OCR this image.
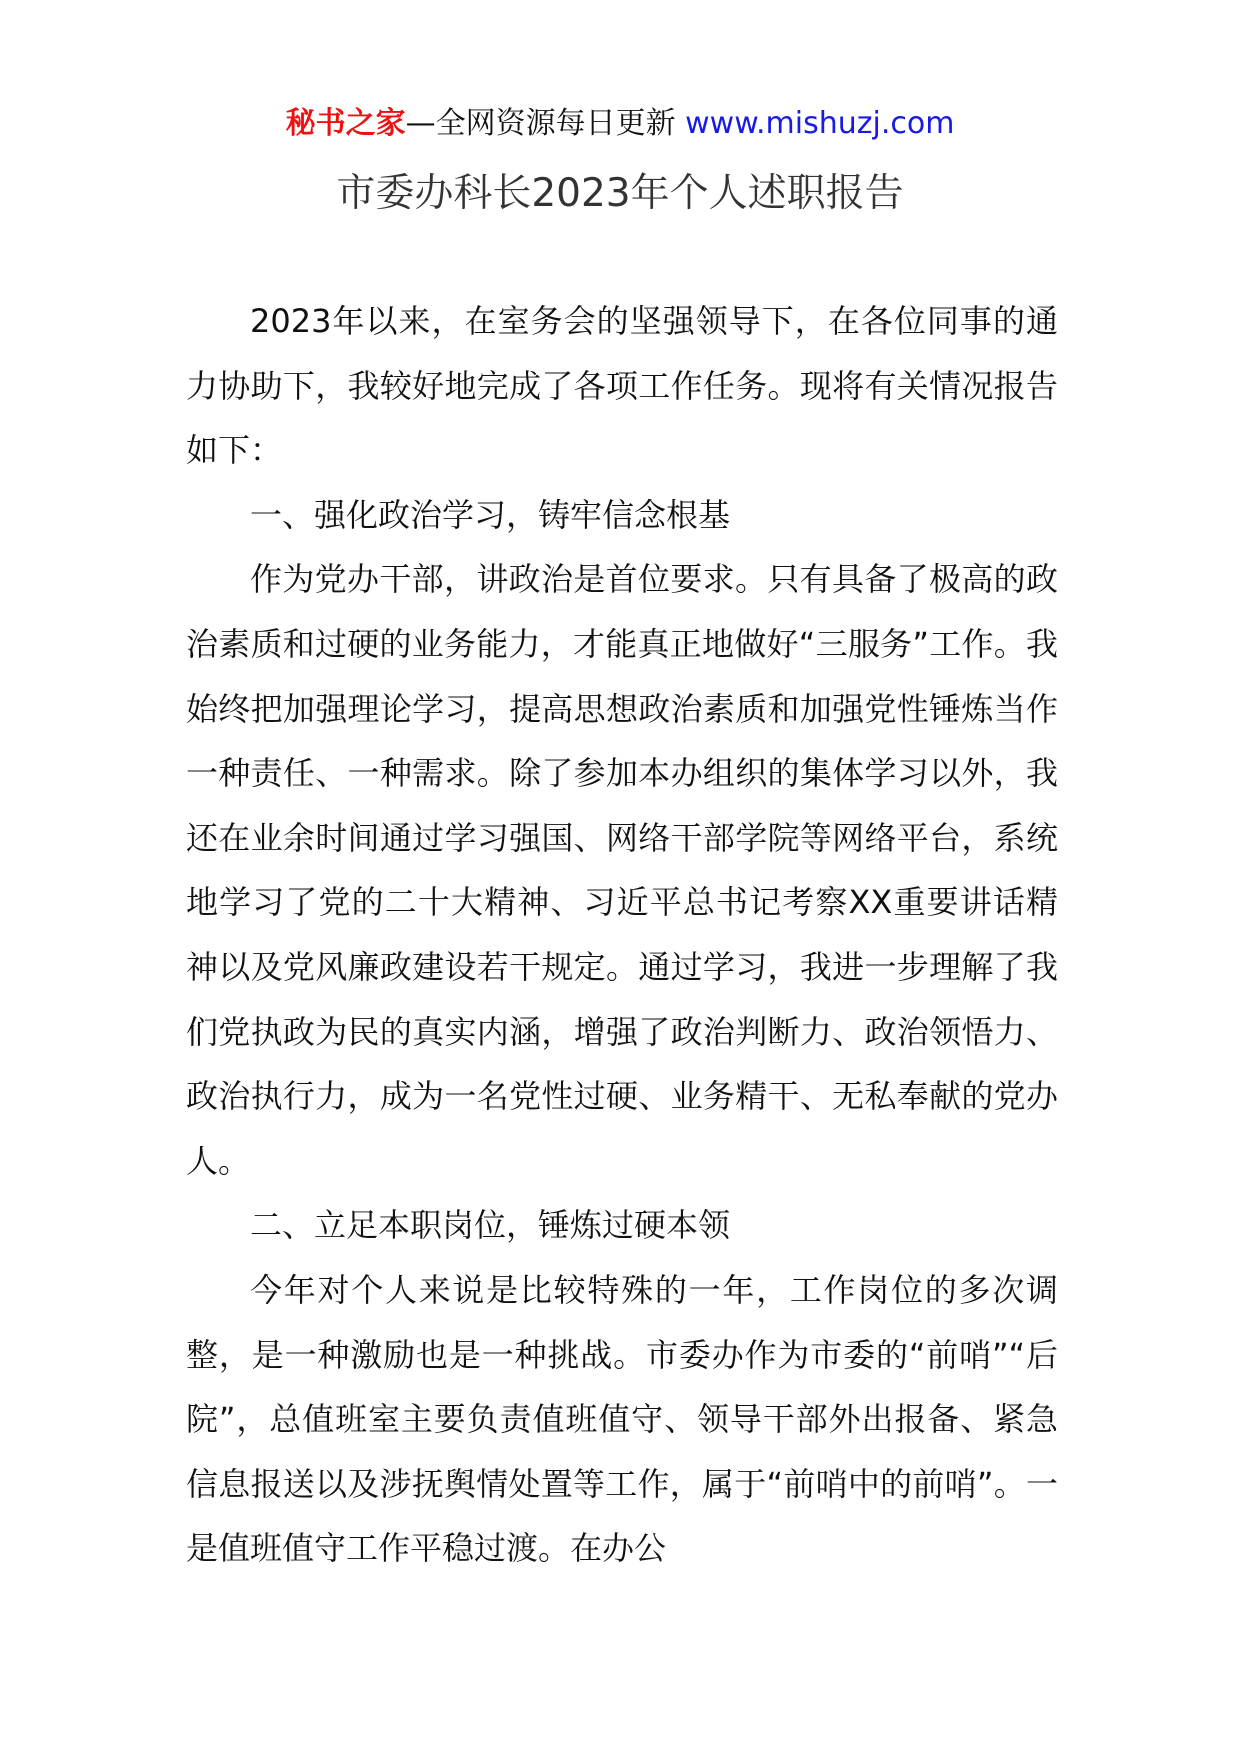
秘书之家—全网资源每日更新 www.mishuzj.com
市委办科长2023年个人述职报告

2023年以来，在室务会的坚强领导下，在各位同事的通力协助下，我较好地完成了各项工作任务。现将有关情况报告如下：

一、强化政治学习，铸牢信念根基

作为党办干部，讲政治是首位要求。只有具备了极高的政治素质和过硬的业务能力，才能真正地做好“三服务”工作。我始终把加强理论学习，提高思想政治素质和加强党性锤炼当作一种责任、一种需求。除了参加本办组织的集体学习以外，我还在业余时间通过学习强国、网络干部学院等网络平台，系统地学习了党的二十大精神、习近平总书记考察XX重要讲话精神以及党风廉政建设若干规定。通过学习，我进一步理解了我们党执政为民的真实内涵，增强了政治判断力、政治领悟力、政治执行力，成为一名党性过硬、业务精干、无私奉献的党办人。

二、立足本职岗位，锤炼过硬本领

今年对个人来说是比较特殊的一年，工作岗位的多次调整，是一种激励也是一种挑战。市委办作为市委的“前哨”“后院”，总值班室主要负责值班值守、领导干部外出报备、紧急信息报送以及涉抚舆情处置等工作，属于“前哨中的前哨”。一是值班值守工作平稳过渡。在办公
